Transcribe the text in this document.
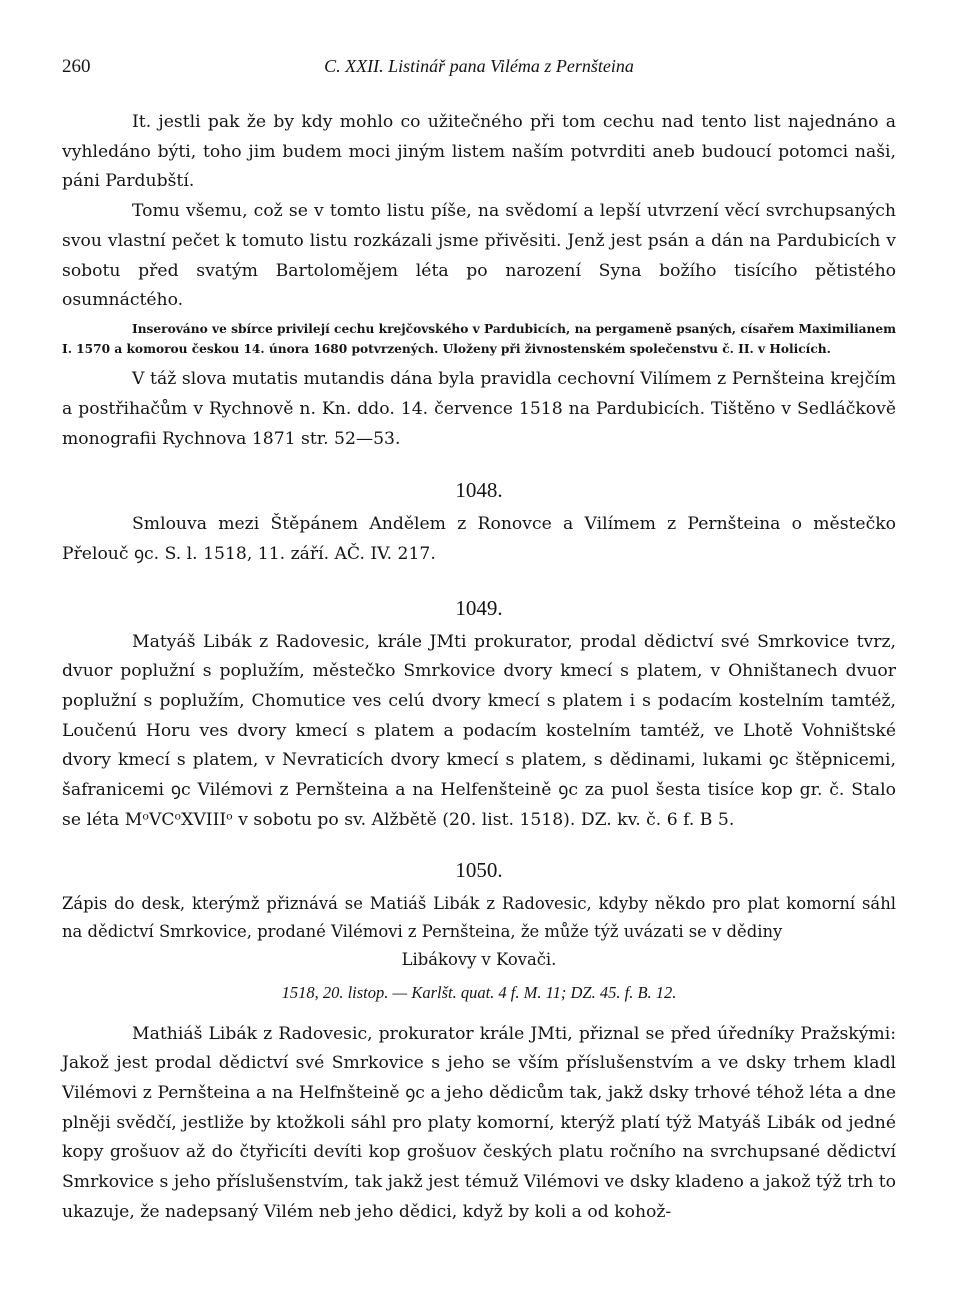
260	C. XXII. Listinář pana Viléma z Pernšteina

It. jestli pak že by kdy mohlo co užitečného při tom cechu nad tento list najednáno a vyhledáno býti, toho jim budem moci jiným listem naším potvrditi aneb budoucí potomci naši, páni Pardubští.

Tomu všemu, což se v tomto listu píše, na svědomí a lepší utvrzení věcí svrchupsaných svou vlastní pečet k tomuto listu rozkázali jsme přivěsiti. Jenž jest psán a dán na Pardubicích v sobotu před svatým Bartolomějem léta po narození Syna božího tisícího pětistého osumnáctého.

Inserováno ve sbírce privilejí cechu krejčovského v Pardubicích, na pergameně psaných, císařem Maximilianem I. 1570 a komorou českou 14. února 1680 potvrzených. Uloženy při živnostenském společenstvu č. II. v Holicích.

V táž slova mutatis mutandis dána byla pravidla cechovní Vilímem z Pernšteina krejčím a postřihačům v Rychnově n. Kn. ddo. 14. července 1518 na Pardubicích. Tištěno v Sedláčkově monografii Rychnova 1871 str. 52—53.

1048.

Smlouva mezi Štěpánem Andělem z Ronovce a Vilímem z Pernšteina o městečko Přelouč ꝯc. S. l. 1518, 11. září. AČ. IV. 217.

1049.

Matyáš Libák z Radovesic, krále JMti prokurator, prodal dědictví své Smrkovice tvrz, dvuor poplužní s poplužím, městečko Smrkovice dvory kmecí s platem, v Ohništanech dvuor poplužní s poplužím, Chomutice ves celú dvory kmecí s platem i s podacím kostelním tamtéž, Loučenú Horu ves dvory kmecí s platem a podacím kostelním tamtéž, ve Lhotě Vohništské dvory kmecí s platem, v Nevraticích dvory kmecí s platem, s dědinami, lukami ꝯc štěpnicemi, šafranicemi ꝯc Vilémovi z Pernšteina a na Helfenšteině ꝯc za puol šesta tisíce kop gr. č. Stalo se léta MᵒVCᵒXVIIIᵒ v sobotu po sv. Alžbětě (20. list. 1518). DZ. kv. č. 6 f. B 5.

1050.

Zápis do desk, kterýmž přiznává se Matiáš Libák z Radovesic, kdyby někdo pro plat komorní sáhl na dědictví Smrkovice, prodané Vilémovi z Pernšteina, že může týž uvázati se v dědiny

Libákovy v Kovači.

1518, 20. listop. — Karlšt. quat. 4 f. M. 11; DZ. 45. f. B. 12.

Mathiáš Libák z Radovesic, prokurator krále JMti, přiznal se před úředníky Pražskými: Jakož jest prodal dědictví své Smrkovice s jeho se vším příslušenstvím a ve dsky trhem kladl Vilémovi z Pernšteina a na Helfnšteině ꝯc a jeho dědicům tak, jakž dsky trhové téhož léta a dne plněji svědčí, jestliže by ktožkoli sáhl pro platy komorní, kterýž platí týž Matyáš Libák od jedné kopy grošuov až do čtyřicíti devíti kop grošuov českých platu ročního na svrchupsané dědictví Smrkovice s jeho příslušenstvím, tak jakž jest témuž Vilémovi ve dsky kladeno a jakož týž trh to ukazuje, že nadepsaný Vilém neb jeho dědici, když by koli a od kohož-
